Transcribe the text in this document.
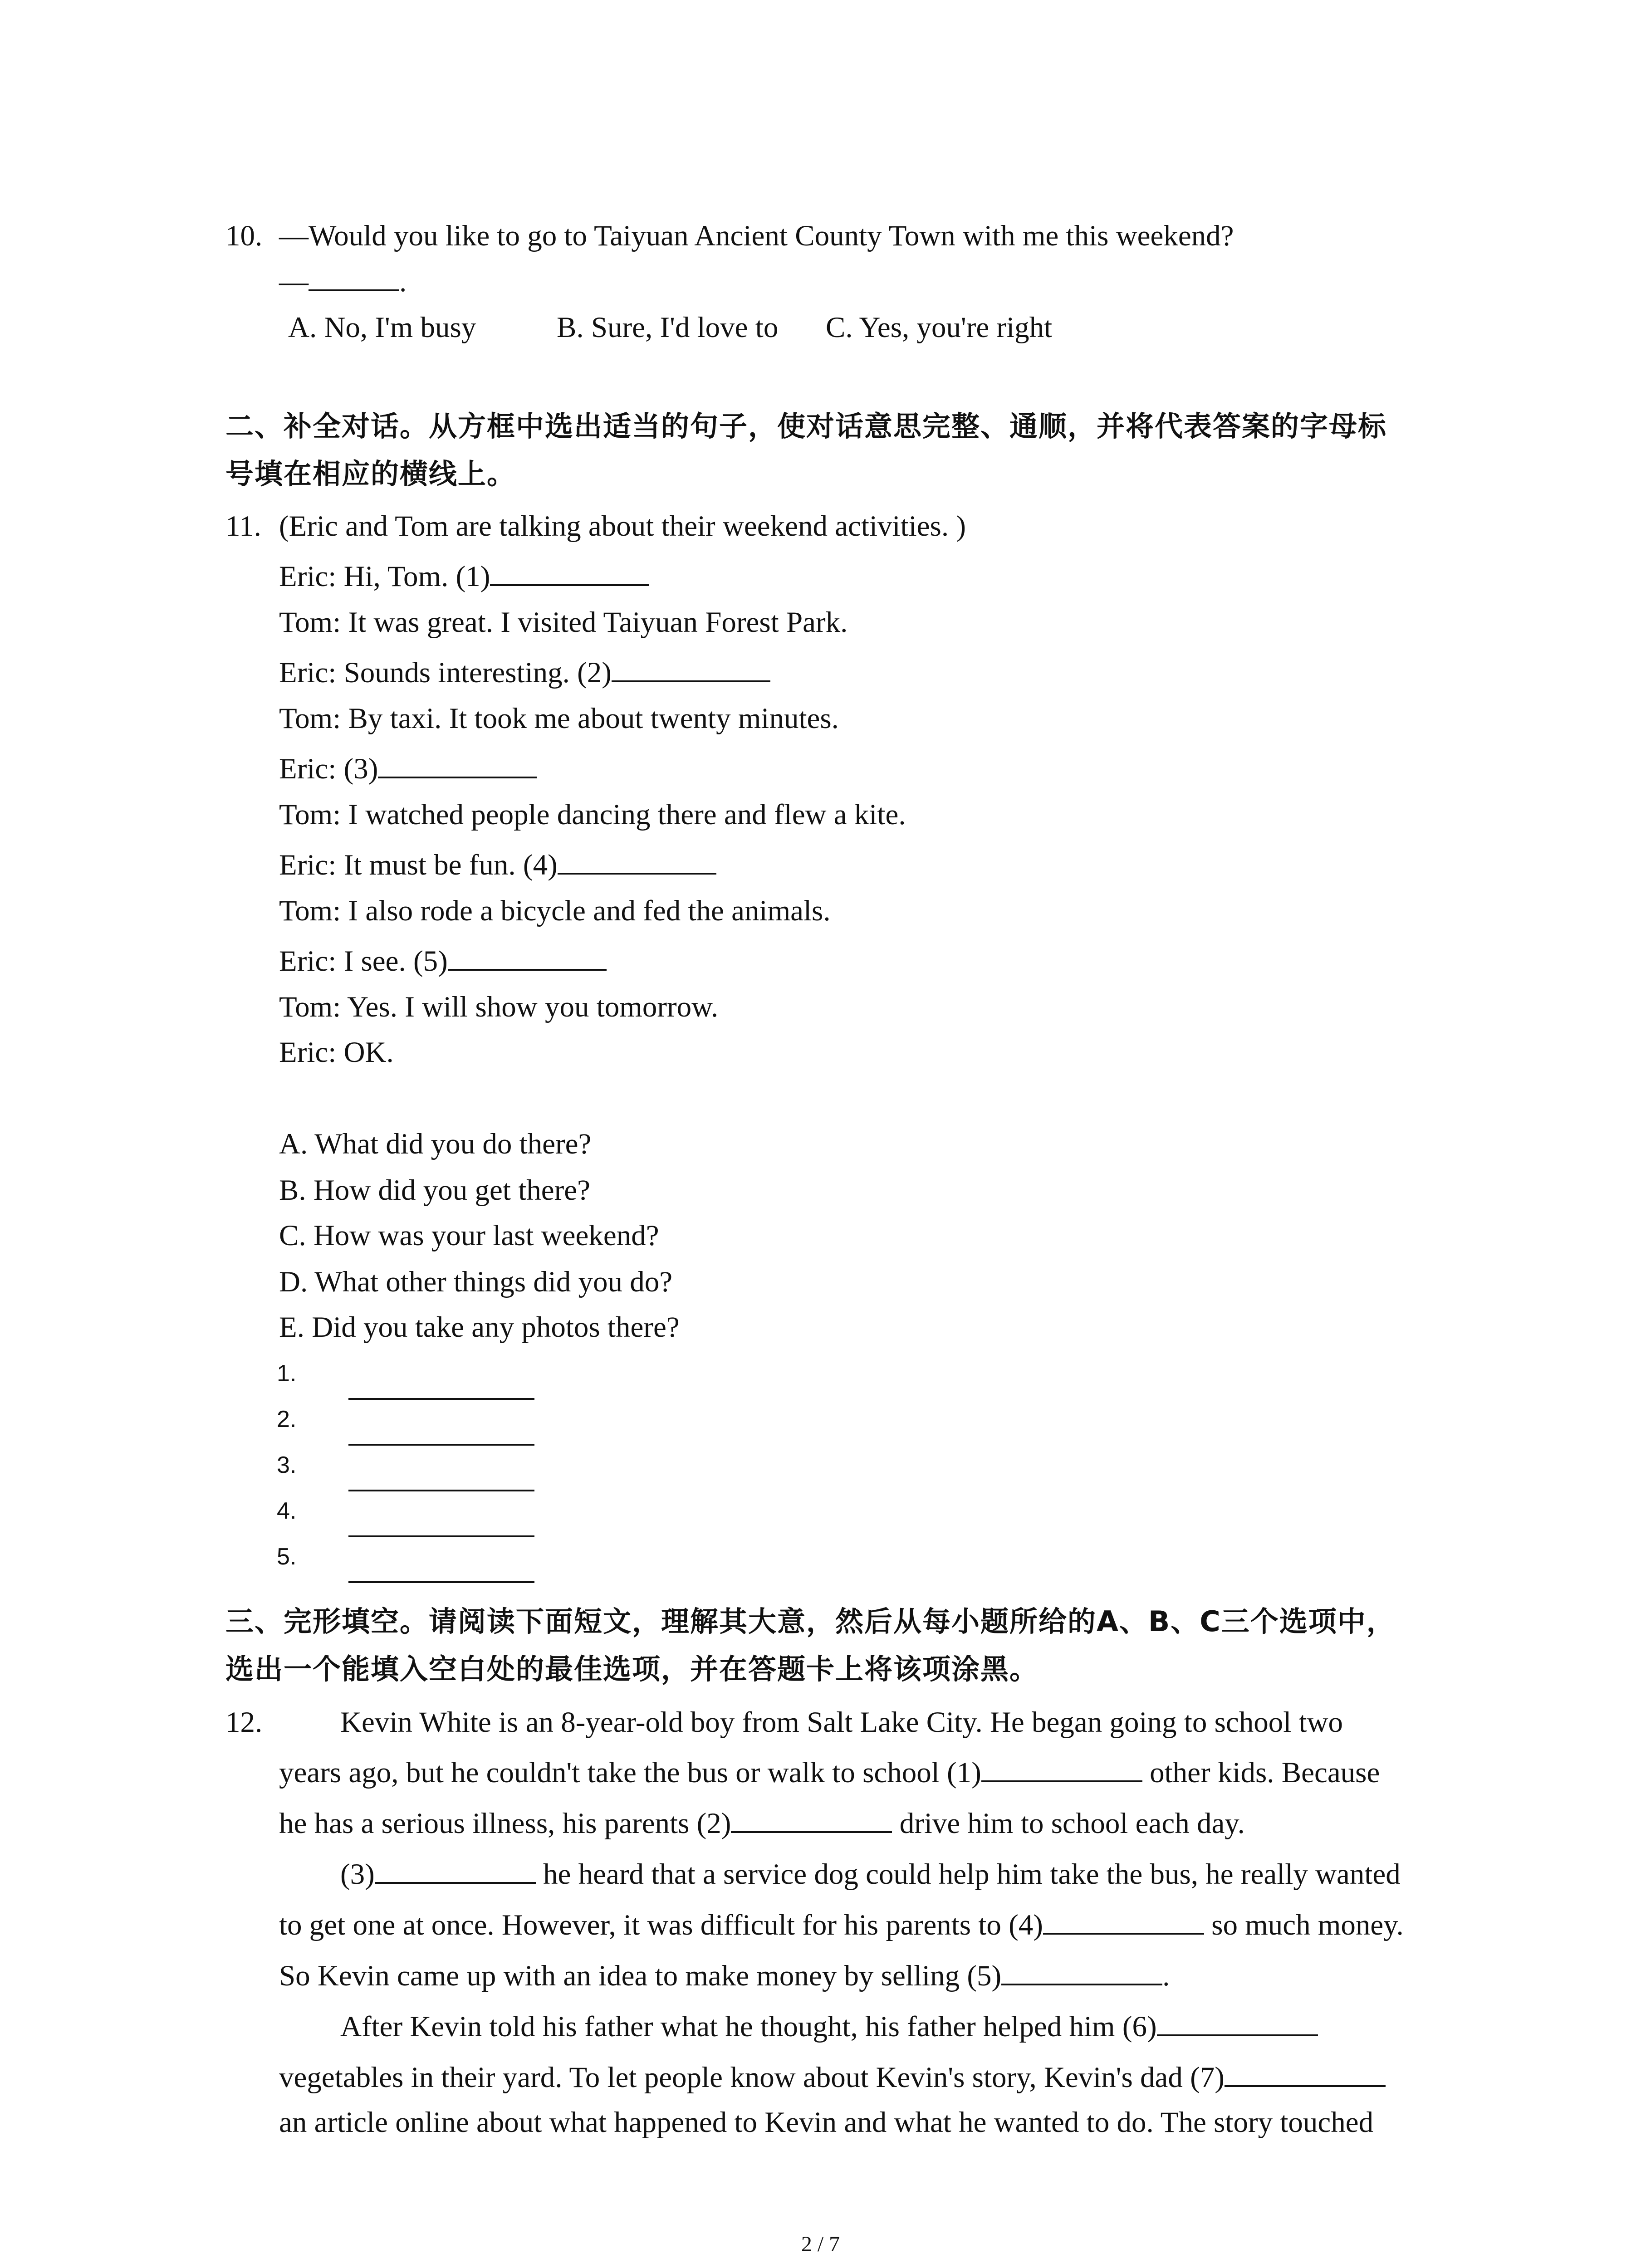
10. —Would you like to go to Taiyuan Ancient County Town with me this weekend?
—	.
A. No, I'm busy	B. Sure, I'd love to C. Yes, you're right
二、补全对话。从方框中选出适当的句子，使对话意思完整、通顺，并将代表答案的字母标
号填在相应的横线上。
11. (Eric and Tom are talking about their weekend activities. )
Eric: Hi, Tom. (1)
Tom: It was great. I visited Taiyuan Forest Park.
Eric: Sounds interesting. (2)
Tom: By taxi. It took me about twenty minutes.
Eric: (3)
Tom: I watched people dancing there and flew a kite.
Eric: It must be fun. (4)
Tom: I also rode a bicycle and fed the animals.
Eric: I see. (5)
Tom: Yes. I will show you tomorrow.
Eric: OK.
A. What did you do there?
B. How did you get there?
C. How was your last weekend?
D. What other things did you do?
E. Did you take any photos there?
1.
2.
3.
4.
5.
三、完形填空。请阅读下面短文，理解其大意，然后从每小题所给的A、B、C三个选项中，
选出一个能填入空白处的最佳选项，并在答题卡上将该项涂黑。
12.	Kevin White is an 8-year-old boy from Salt Lake City. He began going to school two
years ago, but he couldn't take the bus or walk to school (1)	other kids. Because
he has a serious illness, his parents (2)	drive him to school each day.
(3)	he heard that a service dog could help him take the bus, he really wanted
to get one at once. However, it was difficult for his parents to (4)	so much money.
So Kevin came up with an idea to make money by selling (5)	.
After Kevin told his father what he thought, his father helped him (6)
vegetables in their yard. To let people know about Kevin's story, Kevin's dad (7)
an article online about what happened to Kevin and what he wanted to do. The story touched
2 / 7
